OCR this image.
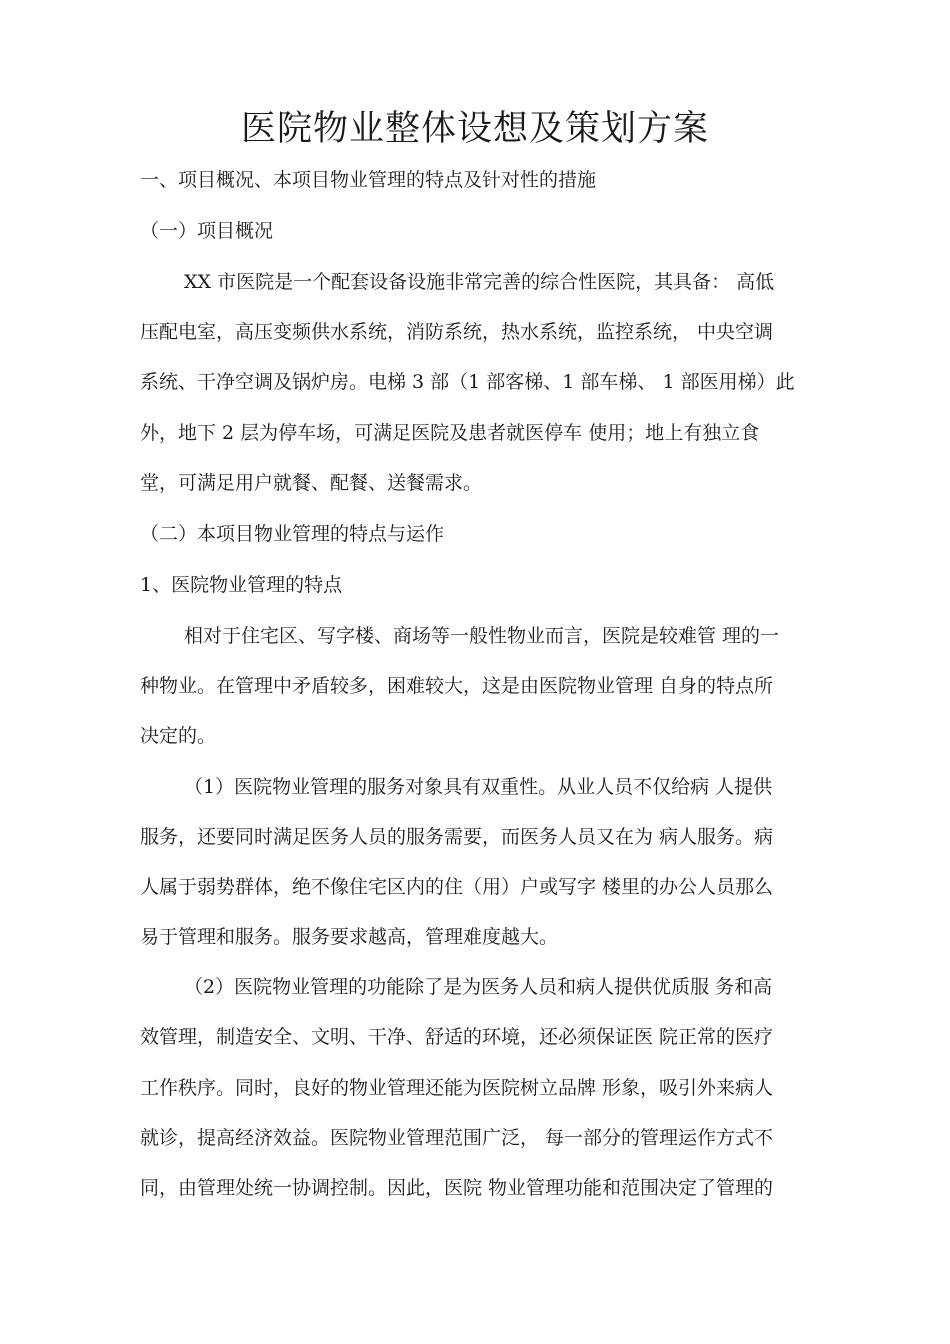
医院物业整体设想及策划方案
一、项目概况、本项目物业管理的特点及针对性的措施
（一）项目概况
XX 市医院是一个配套设备设施非常完善的综合性医院，其具备： 高低
压配电室，高压变频供水系统，消防系统，热水系统，监控系统， 中央空调
系统、干净空调及锅炉房。电梯 3 部（1 部客梯、1 部车梯、 1 部医用梯）此
外，地下 2 层为停车场，可满足医院及患者就医停车 使用；地上有独立食
堂，可满足用户就餐、配餐、送餐需求。
（二）本项目物业管理的特点与运作
1、医院物业管理的特点
相对于住宅区、写字楼、商场等一般性物业而言，医院是较难管 理的一
种物业。在管理中矛盾较多，困难较大，这是由医院物业管理 自身的特点所
决定的。
（1）医院物业管理的服务对象具有双重性。从业人员不仅给病 人提供
服务，还要同时满足医务人员的服务需要，而医务人员又在为 病人服务。病
人属于弱势群体，绝不像住宅区内的住（用）户或写字 楼里的办公人员那么
易于管理和服务。服务要求越高，管理难度越大。
（2）医院物业管理的功能除了是为医务人员和病人提供优质服 务和高
效管理，制造安全、文明、干净、舒适的环境，还必须保证医 院正常的医疗
工作秩序。同时，良好的物业管理还能为医院树立品牌 形象，吸引外来病人
就诊，提高经济效益。医院物业管理范围广泛， 每一部分的管理运作方式不
同，由管理处统一协调控制。因此，医院 物业管理功能和范围决定了管理的
